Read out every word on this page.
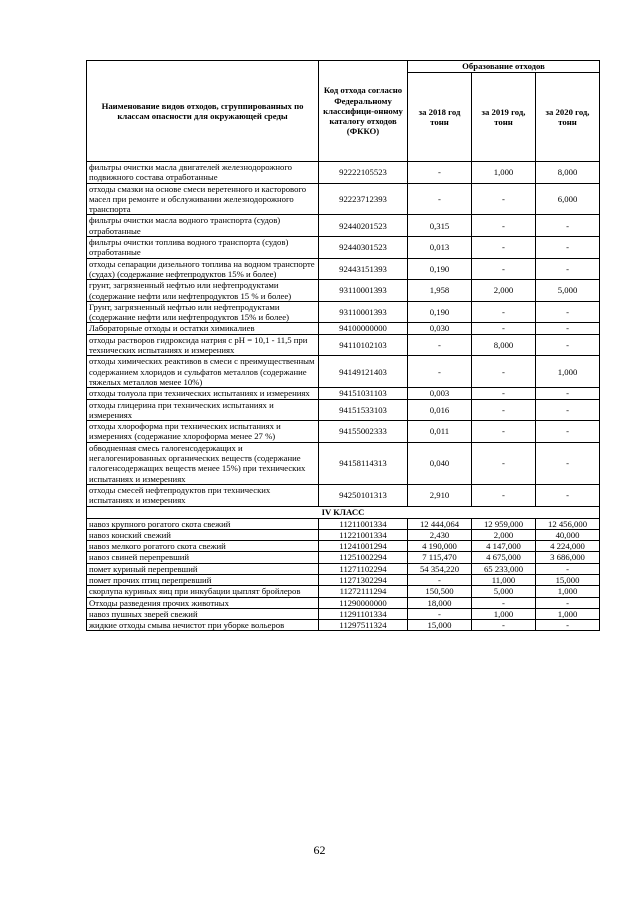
Наименование видов отходов, сгруппированных по классам опасности для окружающей среды	Код отхода согласно Федеральному классифици-онному каталогу отходов (ФККО)	Образование отходов		
		за 2018 год тонн	за 2019 год, тонн	за 2020 год, тонн
фильтры очистки масла двигателей железнодорожного подвижного состава отработанные	92222105523	-	1,000	8,000
отходы смазки на основе смеси веретенного и касторового масел при ремонте и обслуживании железнодорожного транспорта	92223712393	-	-	6,000
фильтры очистки масла водного транспорта (судов) отработанные	92440201523	0,315	-	-
фильтры очистки топлива водного транспорта (судов) отработанные	92440301523	0,013	-	-
отходы сепарации дизельного топлива на водном транспорте (судах) (содержание нефтепродуктов 15% и более)	92443151393	0,190	-	-
грунт, загрязненный нефтью или нефтепродуктами (содержание нефти или нефтепродуктов 15 % и более)	93110001393	1,958	2,000	5,000
Грунт, загрязненный нефтью или нефтепродуктами (содержание нефти или нефтепродуктов 15% и более)	93110001393	0,190	-	-
Лабораторные отходы и остатки химикалиев	94100000000	0,030	-	-
отходы растворов гидроксида натрия с рН = 10,1 - 11,5 при технических испытаниях и измерениях	94110102103	-	8,000	-
отходы химических реактивов в смеси с преимущественным содержанием хлоридов и сульфатов металлов (содержание тяжелых металлов менее 10%)	94149121403	-	-	1,000
отходы толуола при технических испытаниях и измерениях	94151031103	0,003	-	-
отходы глицерина при технических испытаниях и измерениях	94151533103	0,016	-	-
отходы хлороформа при технических испытаниях и измерениях (содержание хлороформа менее 27 %)	94155002333	0,011	-	-
обводненная смесь галогенсодержащих и негалогенированных органических веществ (содержание галогенсодержащих веществ менее 15%) при технических испытаниях и измерениях	94158114313	0,040	-	-
отходы смесей нефтепродуктов при технических испытаниях и измерениях	94250101313	2,910	-	-
IV КЛАСС				
навоз крупного рогатого скота свежий	11211001334	12 444,064	12 959,000	12 456,000
навоз конский свежий	11221001334	2,430	2,000	40,000
навоз мелкого рогатого скота свежий	11241001294	4 190,000	4 147,000	4 224,000
навоз свиней перепревший	11251002294	7 115,470	4 675,000	3 686,000
помет куриный перепревший	11271102294	54 354,220	65 233,000	-
помет прочих птиц перепревший	11271302294	-	11,000	15,000
скорлупа куриных яиц при инкубации цыплят бройлеров	11272111294	150,500	5,000	1,000
Отходы разведения прочих животных	11290000000	18,000	-	-
навоз пушных зверей свежий	11291101334	-	1,000	1,000
жидкие отходы смыва нечистот при уборке вольеров	11297511324	15,000	-	-
62
